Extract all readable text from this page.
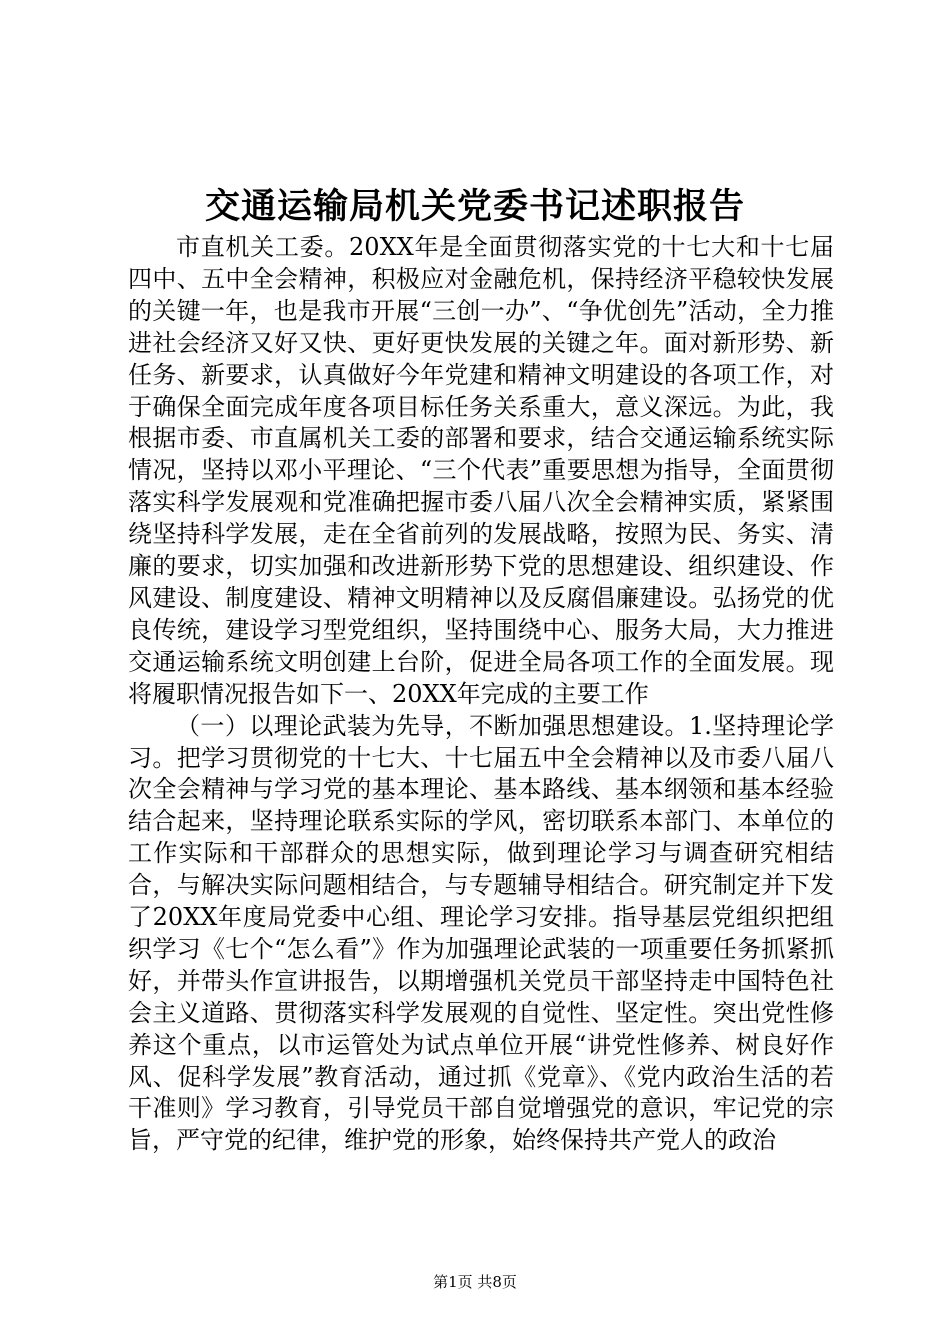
交通运输局机关党委书记述职报告

市直机关工委。20XX年是全面贯彻落实党的十七大和十七届四中、五中全会精神，积极应对金融危机，保持经济平稳较快发展的关键一年，也是我市开展“三创一办”、“争优创先”活动，全力推进社会经济又好又快、更好更快发展的关键之年。面对新形势、新任务、新要求，认真做好今年党建和精神文明建设的各项工作，对于确保全面完成年度各项目标任务关系重大，意义深远。为此，我根据市委、市直属机关工委的部署和要求，结合交通运输系统实际情况，坚持以邓小平理论、“三个代表”重要思想为指导，全面贯彻落实科学发展观和党准确把握市委八届八次全会精神实质，紧紧围绕坚持科学发展，走在全省前列的发展战略，按照为民、务实、清廉的要求，切实加强和改进新形势下党的思想建设、组织建设、作风建设、制度建设、精神文明精神以及反腐倡廉建设。弘扬党的优良传统，建设学习型党组织，坚持围绕中心、服务大局，大力推进交通运输系统文明创建上台阶，促进全局各项工作的全面发展。现将履职情况报告如下一、20XX年完成的主要工作

（一）以理论武装为先导，不断加强思想建设。1.坚持理论学习。把学习贯彻党的十七大、十七届五中全会精神以及市委八届八次全会精神与学习党的基本理论、基本路线、基本纲领和基本经验结合起来，坚持理论联系实际的学风，密切联系本部门、本单位的工作实际和干部群众的思想实际，做到理论学习与调查研究相结合，与解决实际问题相结合，与专题辅导相结合。研究制定并下发了20XX年度局党委中心组、理论学习安排。指导基层党组织把组织学习《七个“怎么看”》作为加强理论武装的一项重要任务抓紧抓好，并带头作宣讲报告，以期增强机关党员干部坚持走中国特色社会主义道路、贯彻落实科学发展观的自觉性、坚定性。突出党性修养这个重点，以市运管处为试点单位开展“讲党性修养、树良好作风、促科学发展”教育活动，通过抓《党章》、《党内政治生活的若干准则》学习教育，引导党员干部自觉增强党的意识，牢记党的宗旨，严守党的纪律，维护党的形象，始终保持共产党人的政治

第1页 共8页
